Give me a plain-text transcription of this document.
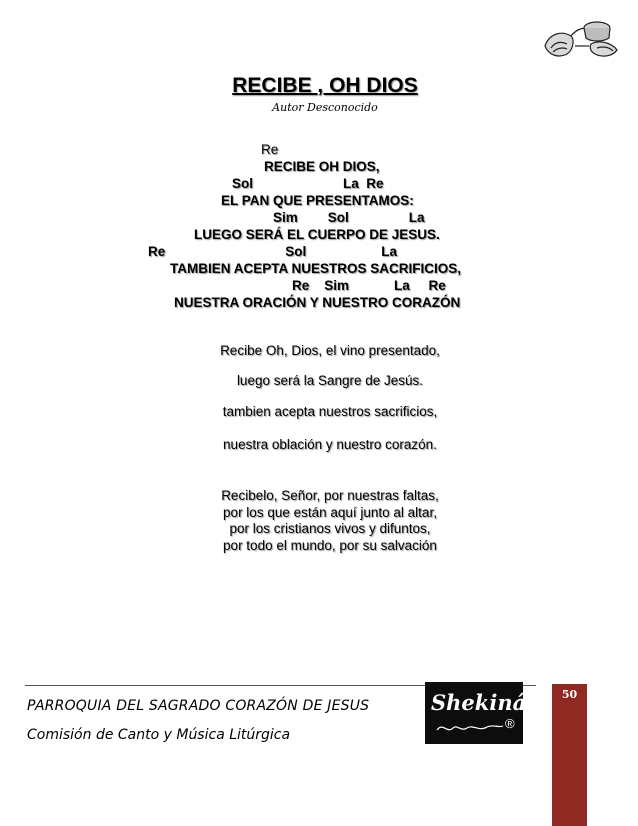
RECIBE , OH DIOS
Autor Desconocido
Re
RECIBE OH DIOS,
Sol                        La  Re
EL PAN QUE PRESENTAMOS:
Sim        Sol                La
LUEGO SERÁ EL CUERPO DE JESUS.
Re                                Sol                    La
TAMBIEN ACEPTA NUESTROS SACRIFICIOS,
Re    Sim            La     Re
NUESTRA ORACIÓN Y NUESTRO CORAZÓN
Recibe Oh, Dios, el vino presentado,
luego será la Sangre de Jesús.
tambien acepta nuestros sacrificios,
nuestra oblación y nuestro corazón.
Recibelo, Señor, por nuestras faltas,
por los que están aquí junto al altar,
por los cristianos vivos y difuntos,
por todo el mundo, por su salvación
PARROQUIA DEL SAGRADO CORAZÓN DE JESUS
Comisión de Canto y Música Litúrgica
Shekináh
®
50
